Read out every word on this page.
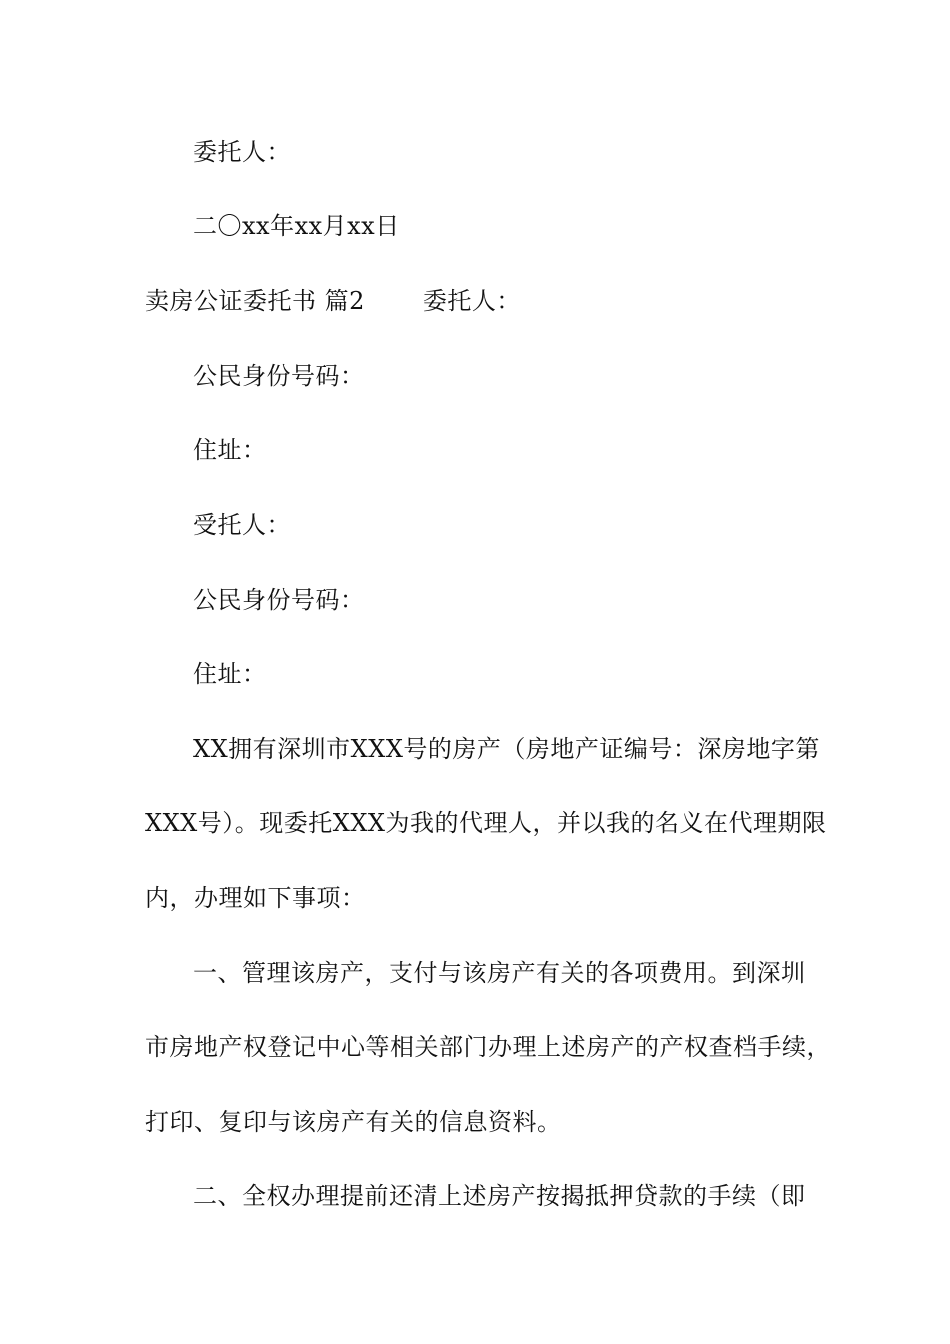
委托人：
二〇xx年xx月xx日
卖房公证委托书 篇2 委托人：
公民身份号码：
住址：
受托人：
公民身份号码：
住址：
XX拥有深圳市XXX号的房产（房地产证编号：深房地字第
XXX号）。现委托XXX为我的代理人，并以我的名义在代理期限
内，办理如下事项：
一、管理该房产，支付与该房产有关的各项费用。到深圳
市房地产权登记中心等相关部门办理上述房产的产权查档手续，
打印、复印与该房产有关的信息资料。
二、全权办理提前还清上述房产按揭抵押贷款的手续（即
